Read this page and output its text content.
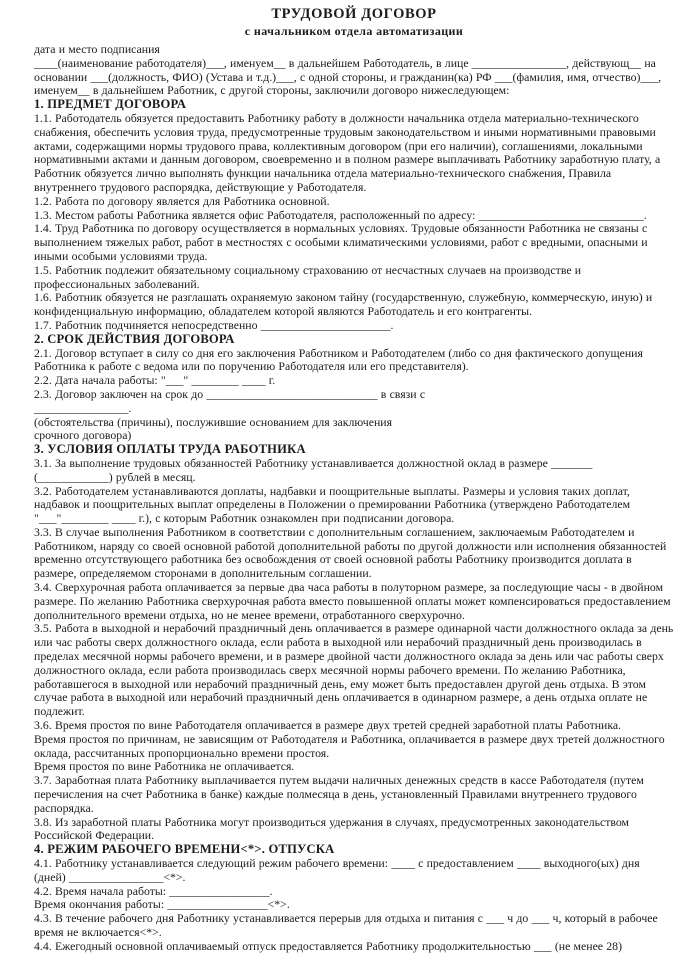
ТРУДОВОЙ ДОГОВОР
с начальником отдела автоматизации
дата и место подписания
____(наименование работодателя)___, именуем__ в дальнейшем Работодатель, в лице ________________, действующ__ на основании ___(должность, ФИО) (Устава и т.д.)___, с одной стороны, и гражданин(ка) РФ ___(фамилия, имя, отчество)___, именуем__ в дальнейшем Работник, с другой стороны, заключили договоро нижеследующем:
1. ПРЕДМЕТ ДОГОВОРА
1.1. Работодатель обязуется предоставить Работнику работу в должности начальника отдела материально-технического снабжения, обеспечить условия труда, предусмотренные трудовым законодательством и иными нормативными правовыми актами, содержащими нормы трудового права, коллективным договором (при его наличии), соглашениями, локальными нормативными актами и данным договором, своевременно и в полном размере выплачивать Работнику заработную плату, а Работник обязуется лично выполнять функции начальника отдела материально-технического снабжения, Правила внутреннего трудового распорядка, действующие у Работодателя.
1.2. Работа по договору является для Работника основной.
1.3. Местом работы Работника является офис Работодателя, расположенный по адресу: ____________________________.
1.4. Труд Работника по договору осуществляется в нормальных условиях. Трудовые обязанности Работника не связаны с выполнением тяжелых работ, работ в местностях с особыми климатическими условиями, работ с вредными, опасными и иными особыми условиями труда.
1.5. Работник подлежит обязательному социальному страхованию от несчастных случаев на производстве и профессиональных заболеваний.
1.6. Работник обязуется не разглашать охраняемую законом тайну (государственную, служебную, коммерческую, иную) и конфиденциальную информацию, обладателем которой являются Работодатель и его контрагенты.
1.7. Работник подчиняется непосредственно ______________________.
2. СРОК ДЕЙСТВИЯ ДОГОВОРА
2.1. Договор вступает в силу со дня его заключения Работником и Работодателем (либо со дня фактического допущения Работника к работе с ведома или по поручению Работодателя или его представителя).
2.2. Дата начала работы: "___" ________ ____ г.
2.3. Договор заключен на срок до _____________________________ в связи с
________________.
(обстоятельства (причины), послужившие основанием для заключения
срочного договора)
3. УСЛОВИЯ ОПЛАТЫ ТРУДА РАБОТНИКА
3.1. За выполнение трудовых обязанностей Работнику устанавливается должностной оклад в размере _______
(____________) рублей в месяц.
3.2. Работодателем устанавливаются доплаты, надбавки и поощрительные выплаты. Размеры и условия таких доплат, надбавок и поощрительных выплат определены в Положении о премировании Работника (утверждено Работодателем
"___"________ ____ г.), с которым Работник ознакомлен при подписании договора.
3.3. В случае выполнения Работником в соответствии с дополнительным соглашением, заключаемым Работодателем и Работником, наряду со своей основной работой дополнительной работы по другой должности или исполнения обязанностей временно отсутствующего работника без освобождения от своей основной работы Работнику производится доплата в размере, определяемом сторонами в дополнительным соглашении.
3.4. Сверхурочная работа оплачивается за первые два часа работы в полуторном размере, за последующие часы - в двойном размере. По желанию Работника сверхурочная работа вместо повышенной оплаты может компенсироваться предоставлением дополнительного времени отдыха, но не менее времени, отработанного сверхурочно.
3.5. Работа в выходной и нерабочий праздничный день оплачивается в размере одинарной части должностного оклада за день или час работы сверх должностного оклада, если работа в выходной или нерабочий праздничный день производилась в пределах месячной нормы рабочего времени, и в размере двойной части должностного оклада за день или час работы сверх должностного оклада, если работа производилась сверх месячной нормы рабочего времени. По желанию Работника, работавшегося в выходной или нерабочий праздничный день, ему может быть предоставлен другой день отдыха. В этом случае работа в выходной или нерабочий праздничный день оплачивается в одинарном размере, а день отдыха оплате не подлежит.
3.6. Время простоя по вине Работодателя оплачивается в размере двух третей средней заработной платы Работника.
Время простоя по причинам, не зависящим от Работодателя и Работника, оплачивается в размере двух третей должностного оклада, рассчитанных пропорционально времени простоя.
Время простоя по вине Работника не оплачивается.
3.7. Заработная плата Работнику выплачивается путем выдачи наличных денежных средств в кассе Работодателя (путем перечисления на счет Работника в банке) каждые полмесяца в день, установленный Правилами внутреннего трудового распорядка.
3.8. Из заработной платы Работника могут производиться удержания в случаях, предусмотренных законодательством Российской Федерации.
4. РЕЖИМ РАБОЧЕГО ВРЕМЕНИ<*>. ОТПУСКА
4.1. Работнику устанавливается следующий режим рабочего времени: ____ с предоставлением ____ выходного(ых) дня (дней) ________________<*>.
4.2. Время начала работы: _________________.
Время окончания работы: _________________<*>.
4.3. В течение рабочего дня Работнику устанавливается перерыв для отдыха и питания с ___ ч до ___ ч, который в рабочее время не включается<*>.
4.4. Ежегодный основной оплачиваемый отпуск предоставляется Работнику продолжительностью ___ (не менее 28)
